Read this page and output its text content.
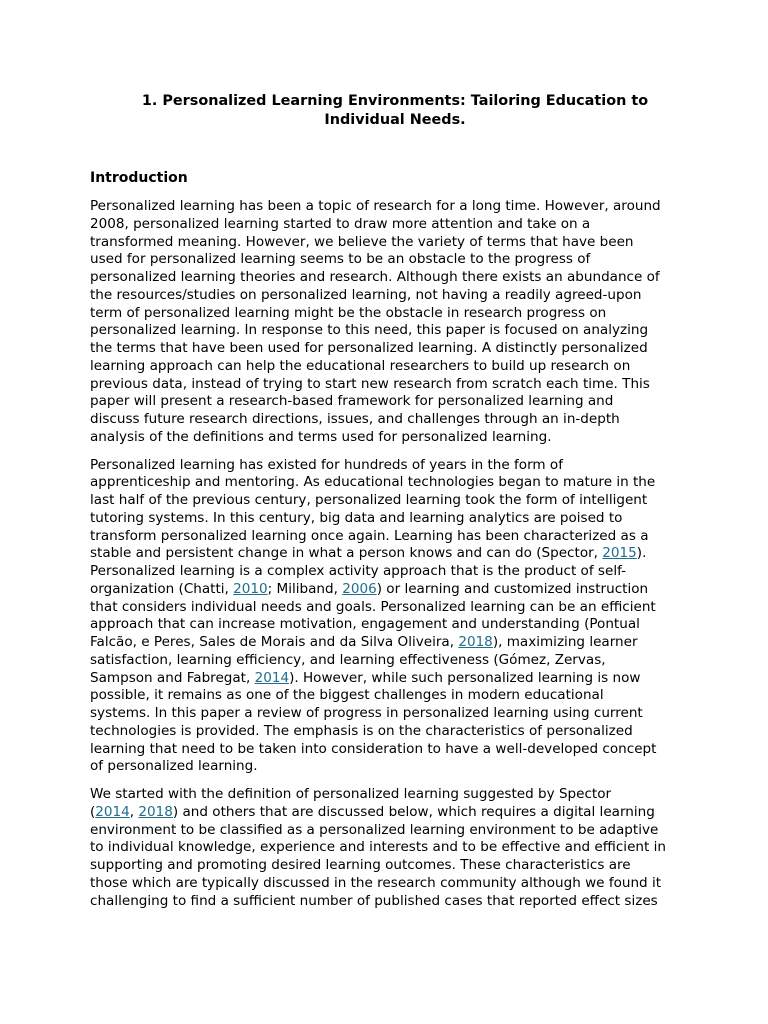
1. Personalized Learning Environments: Tailoring Education to
Individual Needs.
Introduction

Personalized learning has been a topic of research for a long time. However, around
2008, personalized learning started to draw more attention and take on a
transformed meaning. However, we believe the variety of terms that have been
used for personalized learning seems to be an obstacle to the progress of
personalized learning theories and research. Although there exists an abundance of
the resources/studies on personalized learning, not having a readily agreed-upon
term of personalized learning might be the obstacle in research progress on
personalized learning. In response to this need, this paper is focused on analyzing
the terms that have been used for personalized learning. A distinctly personalized
learning approach can help the educational researchers to build up research on
previous data, instead of trying to start new research from scratch each time. This
paper will present a research-based framework for personalized learning and
discuss future research directions, issues, and challenges through an in-depth
analysis of the definitions and terms used for personalized learning.

Personalized learning has existed for hundreds of years in the form of
apprenticeship and mentoring. As educational technologies began to mature in the
last half of the previous century, personalized learning took the form of intelligent
tutoring systems. In this century, big data and learning analytics are poised to
transform personalized learning once again. Learning has been characterized as a
stable and persistent change in what a person knows and can do (Spector, 2015).
Personalized learning is a complex activity approach that is the product of self-
organization (Chatti, 2010; Miliband, 2006) or learning and customized instruction
that considers individual needs and goals. Personalized learning can be an efficient
approach that can increase motivation, engagement and understanding (Pontual
Falcão, e Peres, Sales de Morais and da Silva Oliveira, 2018), maximizing learner
satisfaction, learning efficiency, and learning effectiveness (Gómez, Zervas,
Sampson and Fabregat, 2014). However, while such personalized learning is now
possible, it remains as one of the biggest challenges in modern educational
systems. In this paper a review of progress in personalized learning using current
technologies is provided. The emphasis is on the characteristics of personalized
learning that need to be taken into consideration to have a well-developed concept
of personalized learning.

We started with the definition of personalized learning suggested by Spector
(2014, 2018) and others that are discussed below, which requires a digital learning
environment to be classified as a personalized learning environment to be adaptive
to individual knowledge, experience and interests and to be effective and efficient in
supporting and promoting desired learning outcomes. These characteristics are
those which are typically discussed in the research community although we found it
challenging to find a sufficient number of published cases that reported effect sizes
